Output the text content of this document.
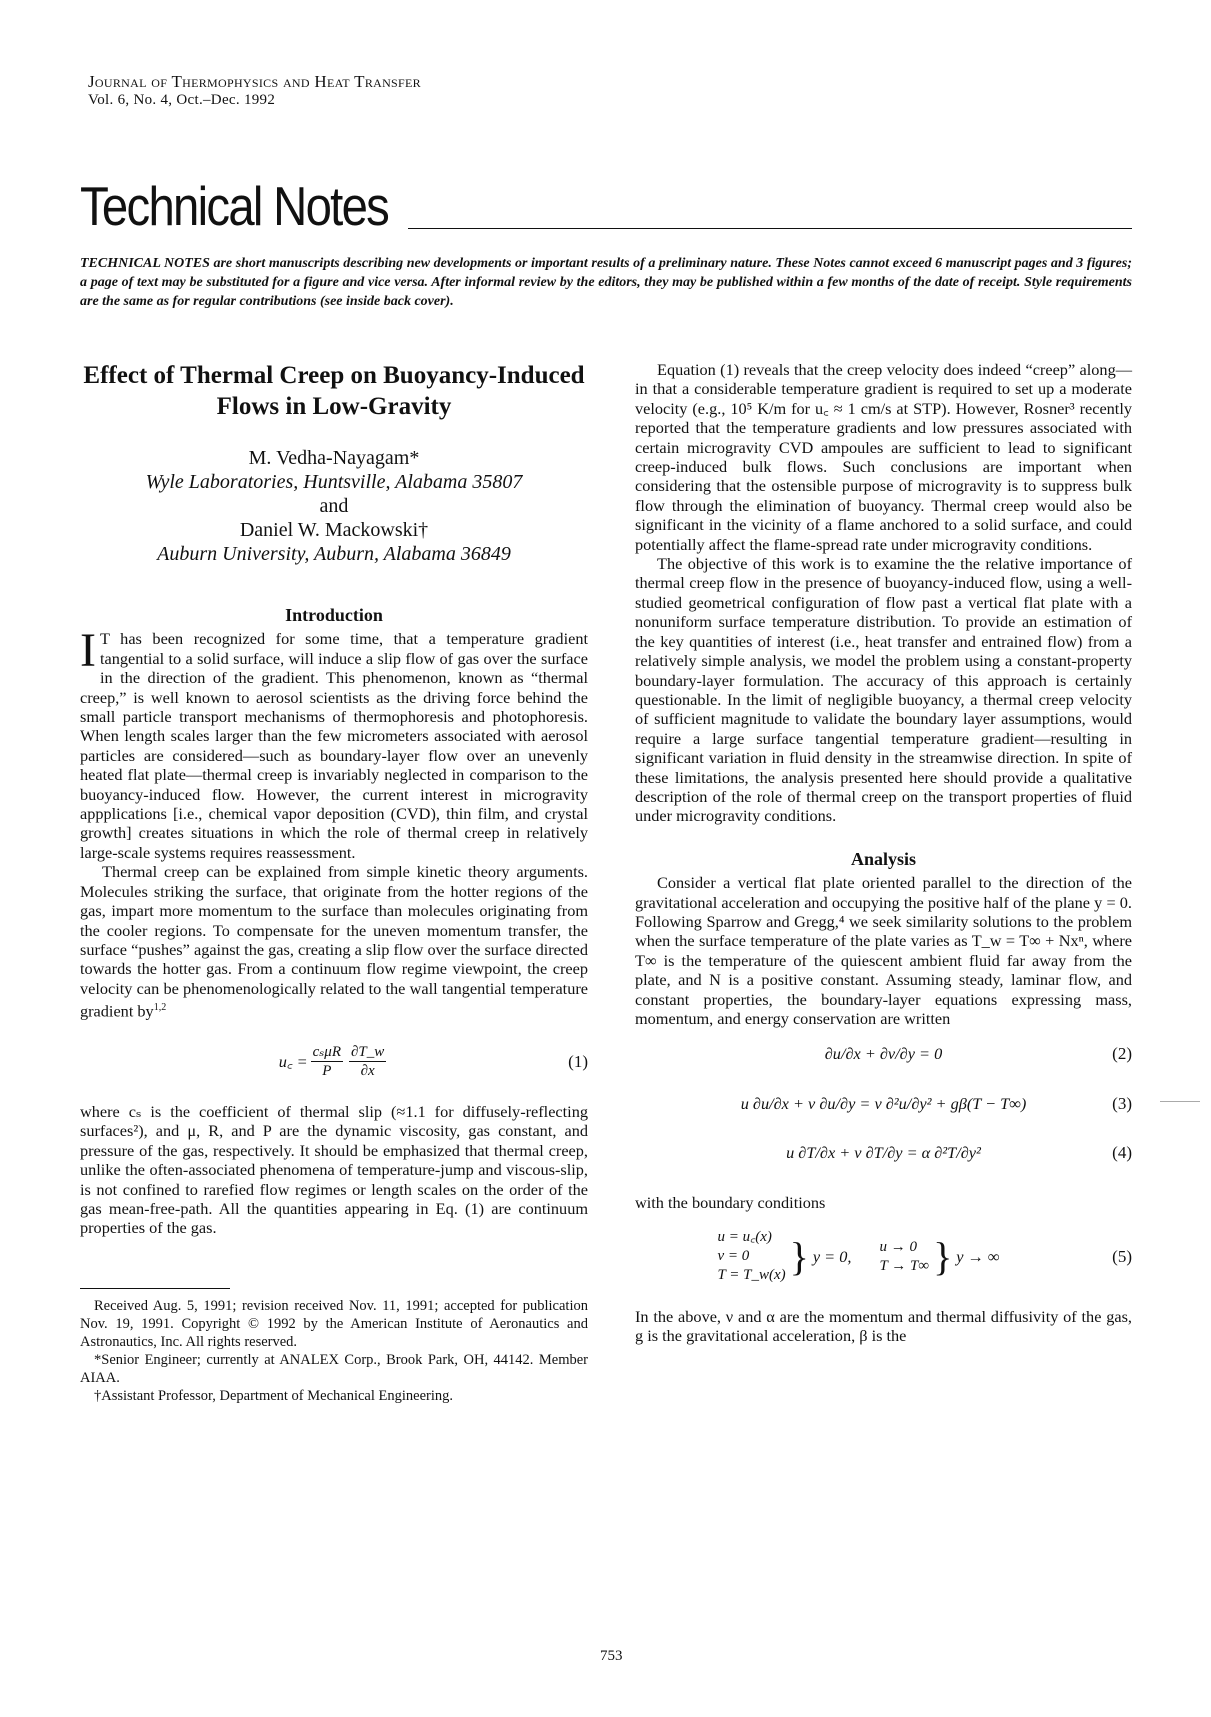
Journal of Thermophysics and Heat Transfer
Vol. 6, No. 4, Oct.–Dec. 1992
Technical Notes
TECHNICAL NOTES are short manuscripts describing new developments or important results of a preliminary nature. These Notes cannot exceed 6 manuscript pages and 3 figures; a page of text may be substituted for a figure and vice versa. After informal review by the editors, they may be published within a few months of the date of receipt. Style requirements are the same as for regular contributions (see inside back cover).
Effect of Thermal Creep on Buoyancy-Induced Flows in Low-Gravity
M. Vedha-Nayagam*
Wyle Laboratories, Huntsville, Alabama 35807
and
Daniel W. Mackowski†
Auburn University, Auburn, Alabama 36849
Introduction

I T has been recognized for some time, that a temperature gradient tangential to a solid surface, will induce a slip flow of gas over the surface in the direction of the gradient. This phenomenon, known as “thermal creep,” is well known to aerosol scientists as the driving force behind the small particle transport mechanisms of thermophoresis and photophoresis. When length scales larger than the few micrometers associated with aerosol particles are considered—such as boundary-layer flow over an unevenly heated flat plate—thermal creep is invariably neglected in comparison to the buoyancy-induced flow. However, the current interest in microgravity appplications [i.e., chemical vapor deposition (CVD), thin film, and crystal growth] creates situations in which the role of thermal creep in relatively large-scale systems requires reassessment.

Thermal creep can be explained from simple kinetic theory arguments. Molecules striking the surface, that originate from the hotter regions of the gas, impart more momentum to the surface than molecules originating from the cooler regions. To compensate for the uneven momentum transfer, the surface “pushes” against the gas, creating a slip flow over the surface directed towards the hotter gas. From a continuum flow regime viewpoint, the creep velocity can be phenomenologically related to the wall tangential temperature gradient by$^{1,2}$

u꜀ = $\frac{\text{cₛμR}}{P} \frac{\partial T\_w}{\partial x}$	(1)

where cₛ is the coefficient of thermal slip (≈1.1 for diffusely-reflecting surfaces²), and μ, R, and P are the dynamic viscosity, gas constant, and pressure of the gas, respectively. It should be emphasized that thermal creep, unlike the often-associated phenomena of temperature-jump and viscous-slip, is not confined to rarefied flow regimes or length scales on the order of the gas mean-free-path. All the quantities appearing in Eq. (1) are continuum properties of the gas.

Received Aug. 5, 1991; revision received Nov. 11, 1991; accepted for publication Nov. 19, 1991. Copyright © 1992 by the American Institute of Aeronautics and Astronautics, Inc. All rights reserved.

*Senior Engineer; currently at ANALEX Corp., Brook Park, OH, 44142. Member AIAA.

†Assistant Professor, Department of Mechanical Engineering.

Equation (1) reveals that the creep velocity does indeed “creep” along—in that a considerable temperature gradient is required to set up a moderate velocity (e.g., 10⁵ K/m for u꜀ ≈ 1 cm/s at STP). However, Rosner³ recently reported that the temperature gradients and low pressures associated with certain microgravity CVD ampoules are sufficient to lead to significant creep-induced bulk flows. Such conclusions are important when considering that the ostensible purpose of microgravity is to suppress bulk flow through the elimination of buoyancy. Thermal creep would also be significant in the vicinity of a flame anchored to a solid surface, and could potentially affect the flame-spread rate under microgravity conditions.

The objective of this work is to examine the the relative importance of thermal creep flow in the presence of buoyancy-induced flow, using a well-studied geometrical configuration of flow past a vertical flat plate with a nonuniform surface temperature distribution. To provide an estimation of the key quantities of interest (i.e., heat transfer and entrained flow) from a relatively simple analysis, we model the problem using a constant-property boundary-layer formulation. The accuracy of this approach is certainly questionable. In the limit of negligible buoyancy, a thermal creep velocity of sufficient magnitude to validate the boundary layer assumptions, would require a large surface tangential temperature gradient—resulting in significant variation in fluid density in the streamwise direction. In spite of these limitations, the analysis presented here should provide a qualitative description of the role of thermal creep on the transport properties of fluid under microgravity conditions.

Analysis

Consider a vertical flat plate oriented parallel to the direction of the gravitational acceleration and occupying the positive half of the plane y = 0. Following Sparrow and Gregg,⁴ we seek similarity solutions to the problem when the surface temperature of the plate varies as T_w = T∞ + Nxⁿ, where T∞ is the temperature of the quiescent ambient fluid far away from the plate, and N is a positive constant. Assuming steady, laminar flow, and constant properties, the boundary-layer equations expressing mass, momentum, and energy conservation are written

∂u/∂x + ∂v/∂y = 0	(2)
u ∂u/∂x + v ∂u/∂y = ν ∂²u/∂y² + gβ(T − T∞)	(3)
u ∂T/∂x + v ∂T/∂y = α ∂²T/∂y²	(4)

with the boundary conditions

u = u꜀(x)
v = 0
T = T_w(x) } y = 0,
u → 0
T → T∞ } y → ∞	(5)

In the above, ν and α are the momentum and thermal diffusivity of the gas, g is the gravitational acceleration, β is the

753
